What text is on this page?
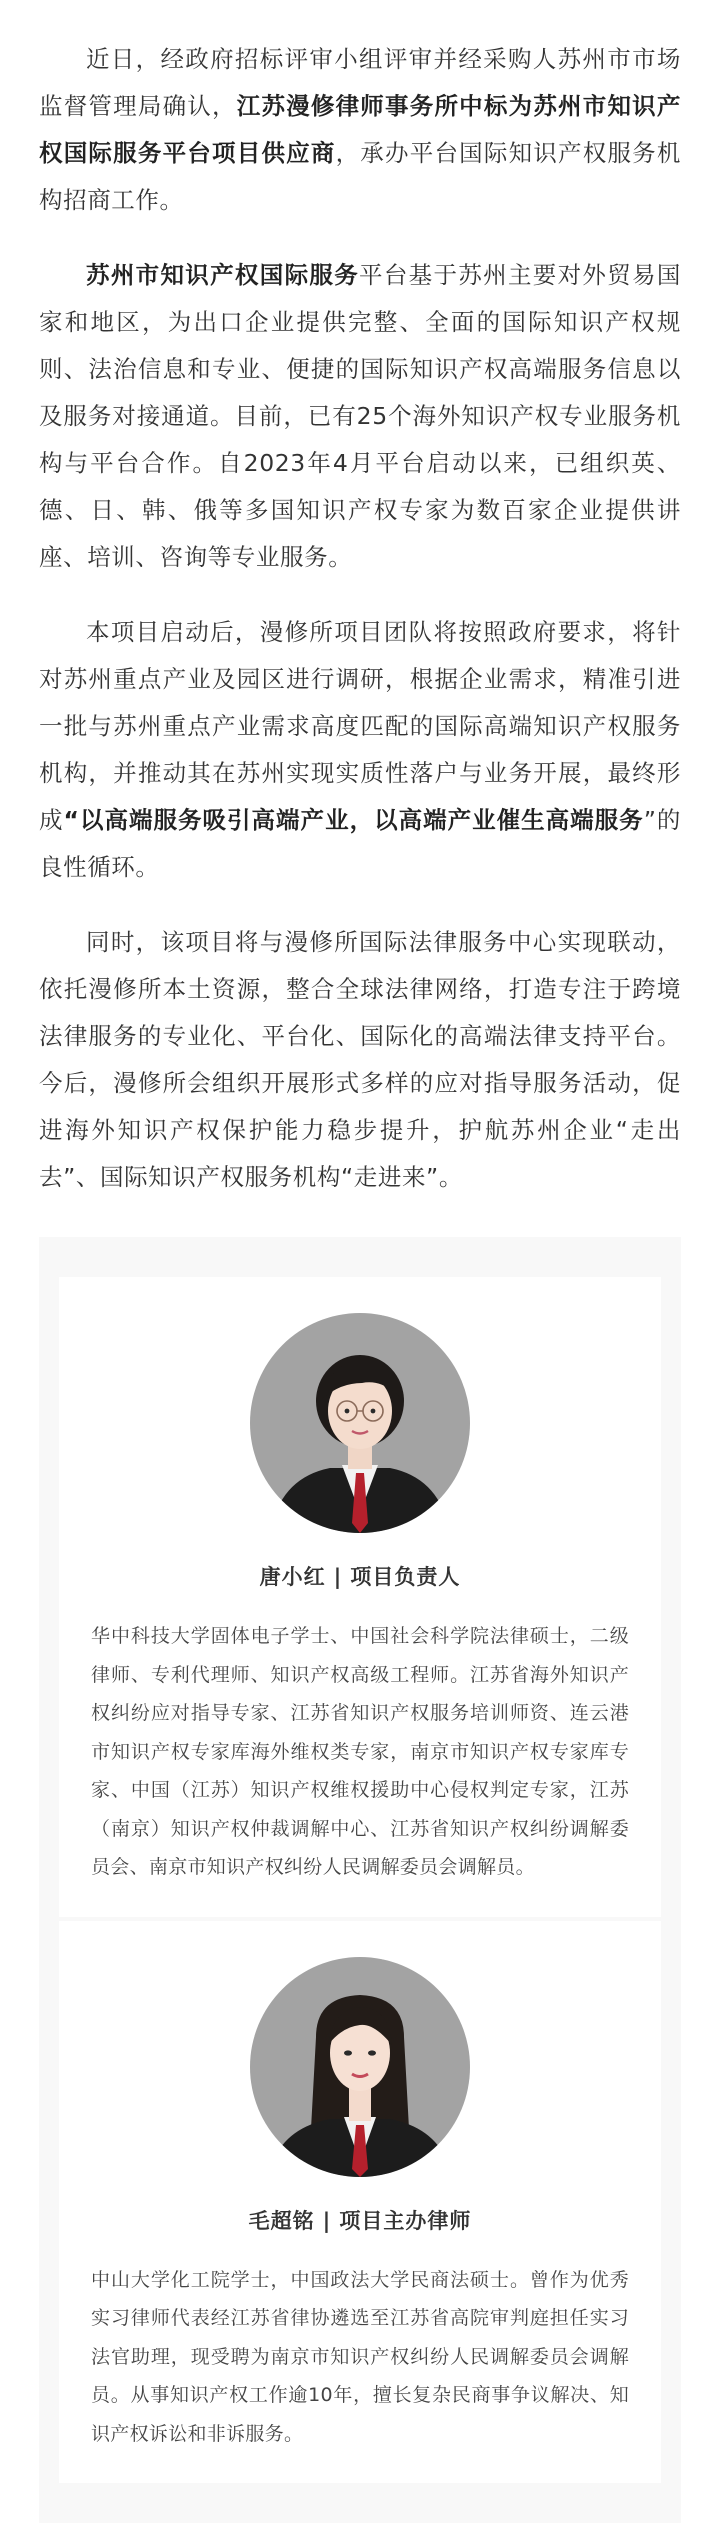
近日，经政府招标评审小组评审并经采购人苏州市市场监督管理局确认，江苏漫修律师事务所中标为苏州市知识产权国际服务平台项目供应商，承办平台国际知识产权服务机构招商工作。

苏州市知识产权国际服务平台基于苏州主要对外贸易国家和地区，为出口企业提供完整、全面的国际知识产权规则、法治信息和专业、便捷的国际知识产权高端服务信息以及服务对接通道。目前，已有25个海外知识产权专业服务机构与平台合作。自2023年4月平台启动以来，已组织英、德、日、韩、俄等多国知识产权专家为数百家企业提供讲座、培训、咨询等专业服务。

本项目启动后，漫修所项目团队将按照政府要求，将针对苏州重点产业及园区进行调研，根据企业需求，精准引进一批与苏州重点产业需求高度匹配的国际高端知识产权服务机构，并推动其在苏州实现实质性落户与业务开展，最终形成“以高端服务吸引高端产业，以高端产业催生高端服务”的良性循环。

同时，该项目将与漫修所国际法律服务中心实现联动，依托漫修所本土资源，整合全球法律网络，打造专注于跨境法律服务的专业化、平台化、国际化的高端法律支持平台。今后，漫修所会组织开展形式多样的应对指导服务活动，促进海外知识产权保护能力稳步提升，护航苏州企业“走出去”、国际知识产权服务机构“走进来”。

唐小红 | 项目负责人

华中科技大学固体电子学士、中国社会科学院法律硕士，二级律师、专利代理师、知识产权高级工程师。江苏省海外知识产权纠纷应对指导专家、江苏省知识产权服务培训师资、连云港市知识产权专家库海外维权类专家，南京市知识产权专家库专家、中国（江苏）知识产权维权援助中心侵权判定专家，江苏（南京）知识产权仲裁调解中心、江苏省知识产权纠纷调解委员会、南京市知识产权纠纷人民调解委员会调解员。

毛超铭 | 项目主办律师

中山大学化工院学士，中国政法大学民商法硕士。曾作为优秀实习律师代表经江苏省律协遴选至江苏省高院审判庭担任实习法官助理，现受聘为南京市知识产权纠纷人民调解委员会调解员。从事知识产权工作逾10年，擅长复杂民商事争议解决、知识产权诉讼和非诉服务。
